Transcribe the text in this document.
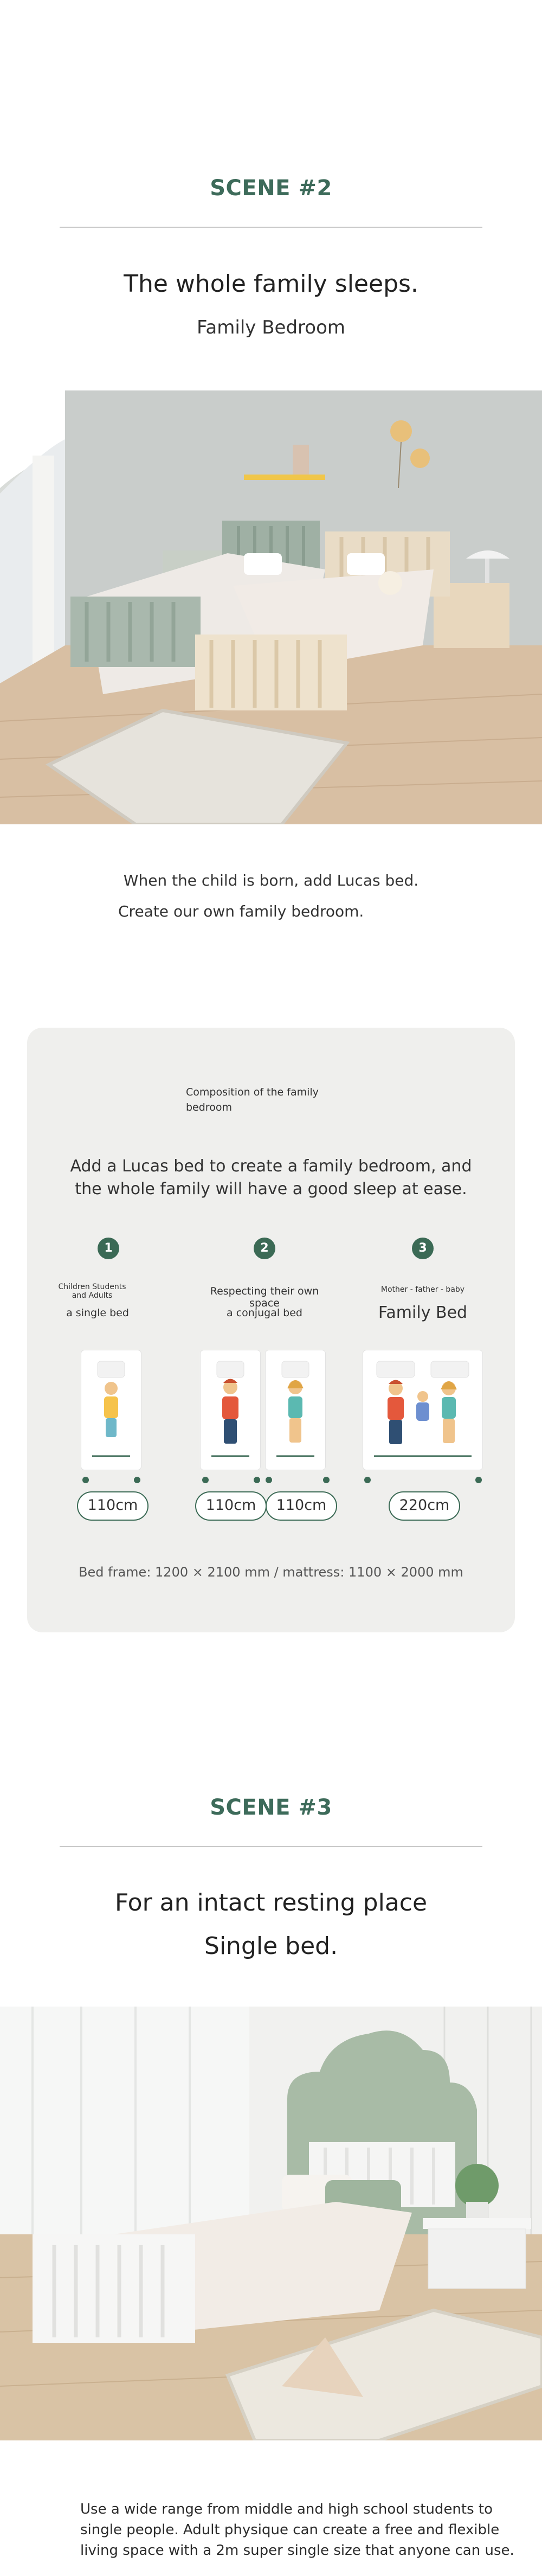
SCENE #2
The whole family sleeps.
Family Bedroom
When the child is born, add Lucas bed.
Create our own family bedroom.
Composition of the family
bedroom
Add a Lucas bed to create a family bedroom, and
the whole family will have a good sleep at ease.
1
Children Students and Adults
a single bed
110cm
2
Respecting their own space
a conjugal bed
110cm	110cm
3
Mother - father - baby
Family Bed
220cm
Bed frame: 1200 × 2100 mm / mattress: 1100 × 2000 mm
SCENE #3
For an intact resting place
Single bed.
Use a wide range from middle and high school students to
single people. Adult physique can create a free and flexible
living space with a 2m super single size that anyone can use.
